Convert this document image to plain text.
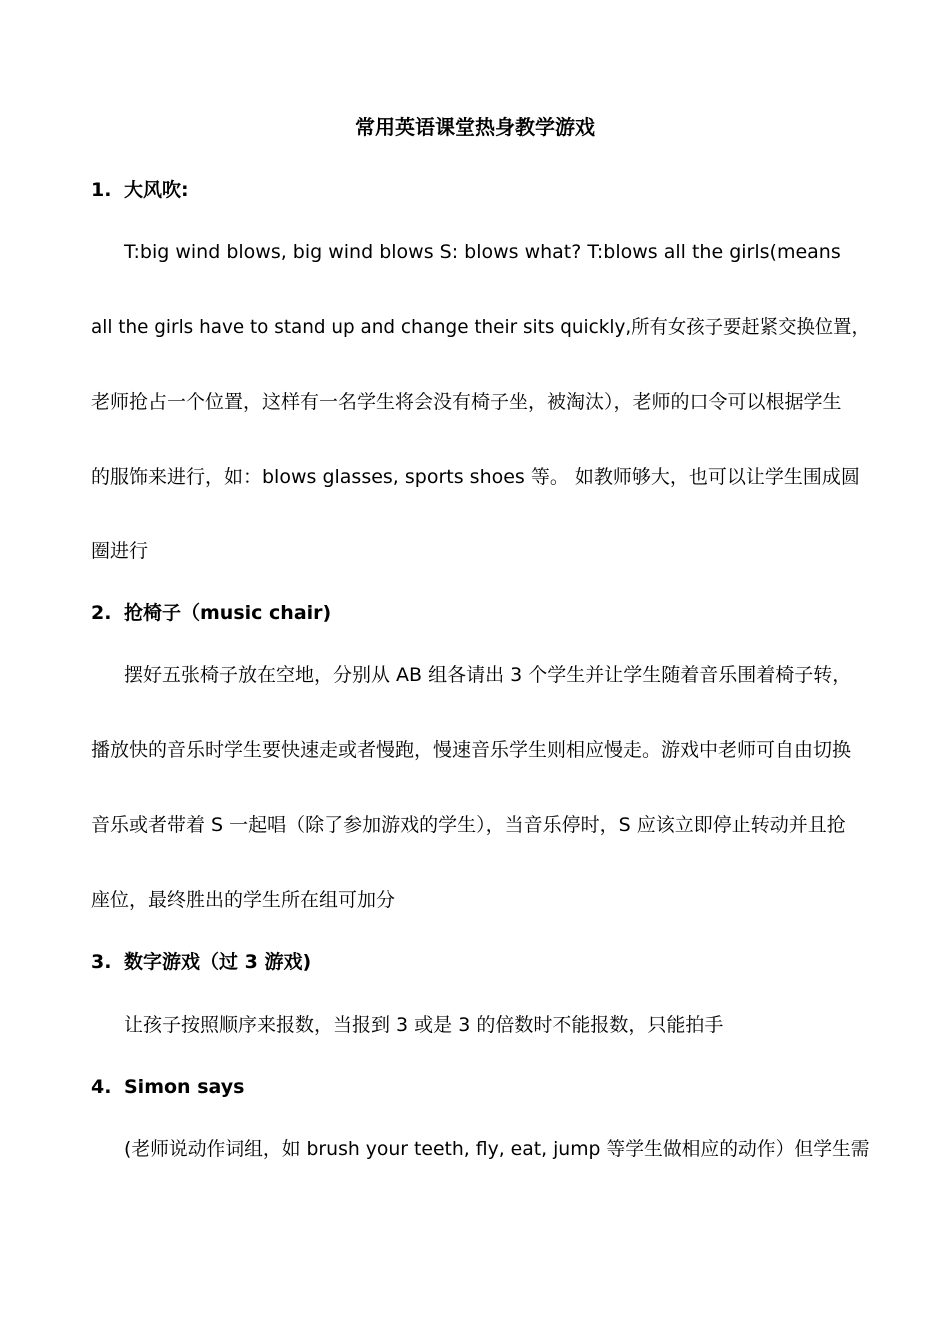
常用英语课堂热身教学游戏
1. 大风吹:
T:big wind blows, big wind blows S: blows what? T:blows all the girls(means
all the girls have to stand up and change their sits quickly,所有女孩子要赶紧交换位置，
老师抢占一个位置，这样有一名学生将会没有椅子坐，被淘汰），老师的口令可以根据学生
的服饰来进行，如：blows glasses, sports shoes 等。 如教师够大，也可以让学生围成圆
圈进行
2. 抢椅子（music chair)
摆好五张椅子放在空地，分别从 AB 组各请出 3 个学生并让学生随着音乐围着椅子转，
播放快的音乐时学生要快速走或者慢跑，慢速音乐学生则相应慢走。游戏中老师可自由切换
音乐或者带着 S 一起唱（除了参加游戏的学生），当音乐停时，S 应该立即停止转动并且抢
座位，最终胜出的学生所在组可加分
3. 数字游戏（过 3 游戏)
让孩子按照顺序来报数，当报到 3 或是 3 的倍数时不能报数，只能拍手
4. Simon says
(老师说动作词组，如 brush your teeth, fly, eat, jump 等学生做相应的动作）但学生需
